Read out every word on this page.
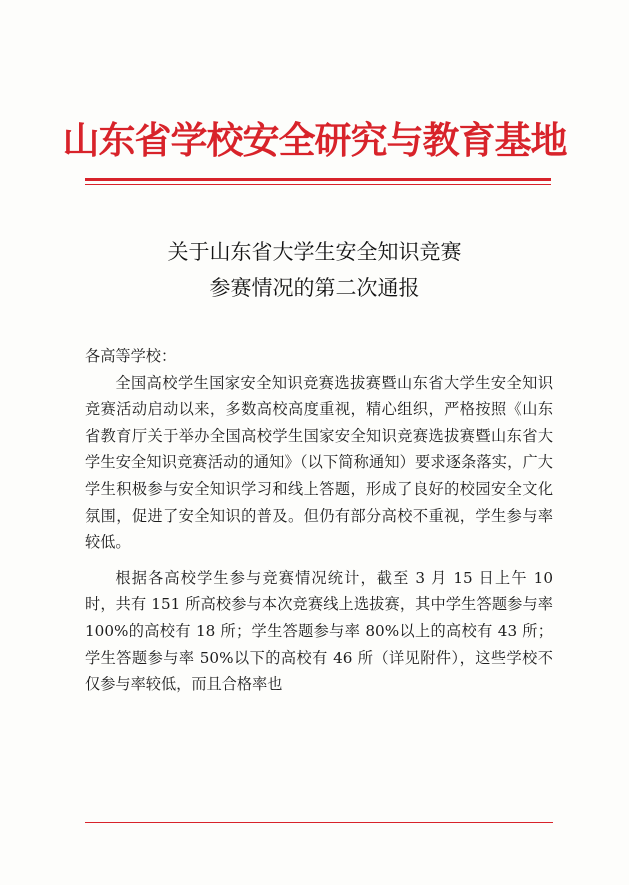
山东省学校安全研究与教育基地
关于山东省大学生安全知识竞赛
参赛情况的第二次通报

各高等学校：

全国高校学生国家安全知识竞赛选拔赛暨山东省大学生安全知识竞赛活动启动以来，多数高校高度重视，精心组织，严格按照《山东省教育厅关于举办全国高校学生国家安全知识竞赛选拔赛暨山东省大学生安全知识竞赛活动的通知》（以下简称通知）要求逐条落实，广大学生积极参与安全知识学习和线上答题，形成了良好的校园安全文化氛围，促进了安全知识的普及。但仍有部分高校不重视，学生参与率较低。

根据各高校学生参与竞赛情况统计，截至 3 月 15 日上午 10 时，共有 151 所高校参与本次竞赛线上选拔赛，其中学生答题参与率 100%的高校有 18 所；学生答题参与率 80%以上的高校有 43 所；学生答题参与率 50%以下的高校有 46 所（详见附件），这些学校不仅参与率较低，而且合格率也
